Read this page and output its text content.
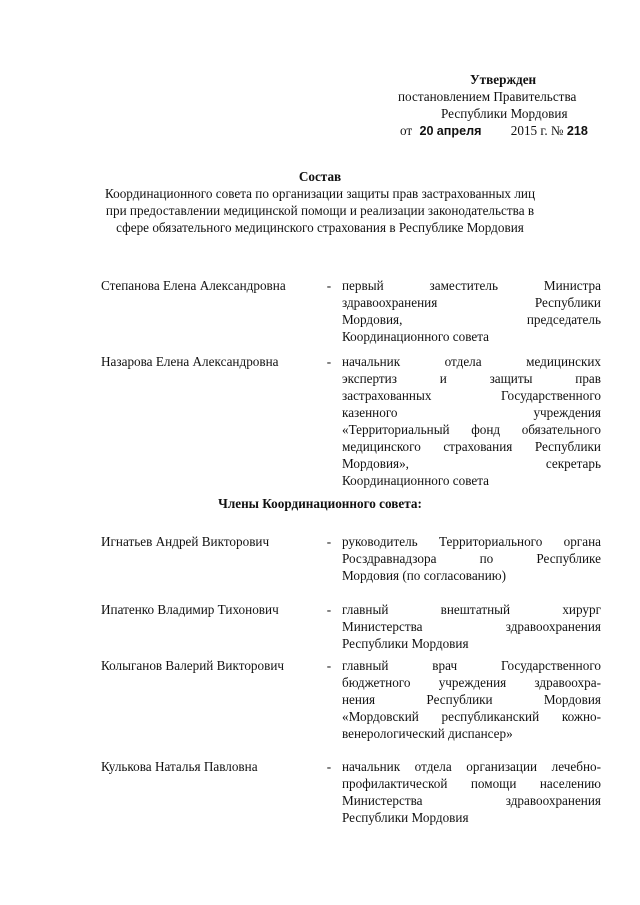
Утвержден
постановлением Правительства
Республики Мордовия
от 20 апреля 2015 г. № 218
Состав
Координационного совета по организации защиты прав застрахованных лиц
при предоставлении медицинской помощи и реализации законодательства в
сфере обязательного медицинского страхования в Республике Мордовия
Степанова Елена Александровна	- первый заместитель Министра
здравоохранения Республики
Мордовия, председатель
Координационного совета
Назарова Елена Александровна	- начальник отдела медицинских
экспертиз и защиты прав
застрахованных Государственного
казенного учреждения
«Территориальный фонд обязательного
медицинского страхования Республики
Мордовия», секретарь
Координационного совета
Члены Координационного совета:
Игнатьев Андрей Викторович	- руководитель Территориального органа
Росздравнадзора по Республике
Мордовия (по согласованию)
Ипатенко Владимир Тихонович	- главный внештатный хирург
Министерства здравоохранения
Республики Мордовия
Колыганов Валерий Викторович	- главный врач Государственного
бюджетного учреждения здравоохра-
нения Республики Мордовия
«Мордовский республиканский кожно-
венерологический диспансер»
Кулькова Наталья Павловна	- начальник отдела организации лечебно-
профилактической помощи населению
Министерства здравоохранения
Республики Мордовия
